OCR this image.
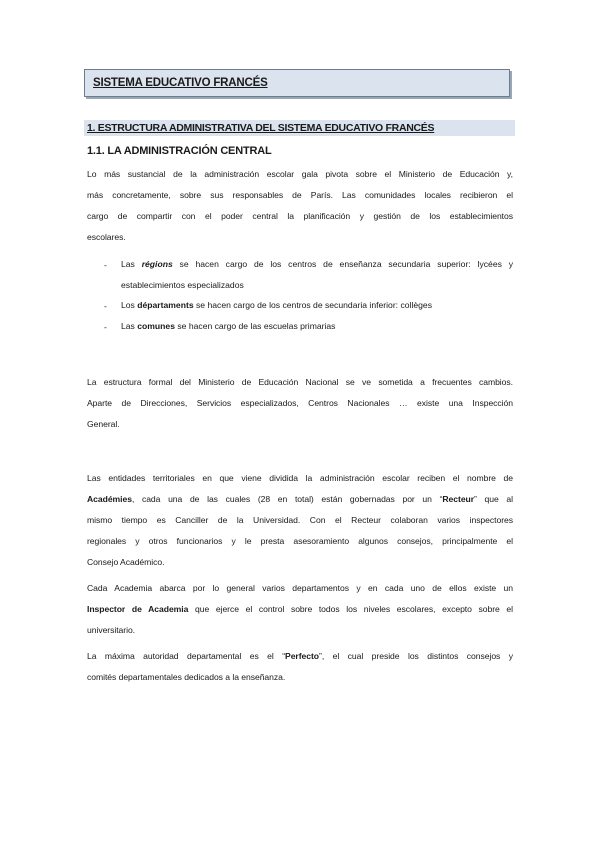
SISTEMA EDUCATIVO FRANCÉS
1. ESTRUCTURA ADMINISTRATIVA DEL SISTEMA EDUCATIVO FRANCÉS
1.1. LA ADMINISTRACIÓN CENTRAL
Lo más sustancial de la administración escolar gala pivota sobre el Ministerio de Educación y,
más concretamente, sobre sus responsables de París. Las comunidades locales recibieron el
cargo de compartir con el poder central la planificación y gestión de los establecimientos
escolares.
- Las régions se hacen cargo de los centros de enseñanza secundaria superior: lycées y
establecimientos especializados
- Los départaments se hacen cargo de los centros de secundaria inferior: collèges
- Las comunes se hacen cargo de las escuelas primarias
La estructura formal del Ministerio de Educación Nacional se ve sometida a frecuentes cambios.
Aparte de Direcciones, Servicios especializados, Centros Nacionales … existe una Inspección
General.
Las entidades territoriales en que viene dividida la administración escolar reciben el nombre de
Académies, cada una de las cuales (28 en total) están gobernadas por un “Recteur” que al
mismo tiempo es Canciller de la Universidad. Con el Recteur colaboran varios inspectores
regionales y otros funcionarios y le presta asesoramiento algunos consejos, principalmente el
Consejo Académico.
Cada Academia abarca por lo general varios departamentos y en cada uno de ellos existe un
Inspector de Academia que ejerce el control sobre todos los niveles escolares, excepto sobre el
universitario.
La máxima autoridad departamental es el “Perfecto”, el cual preside los distintos consejos y
comités departamentales dedicados a la enseñanza.
